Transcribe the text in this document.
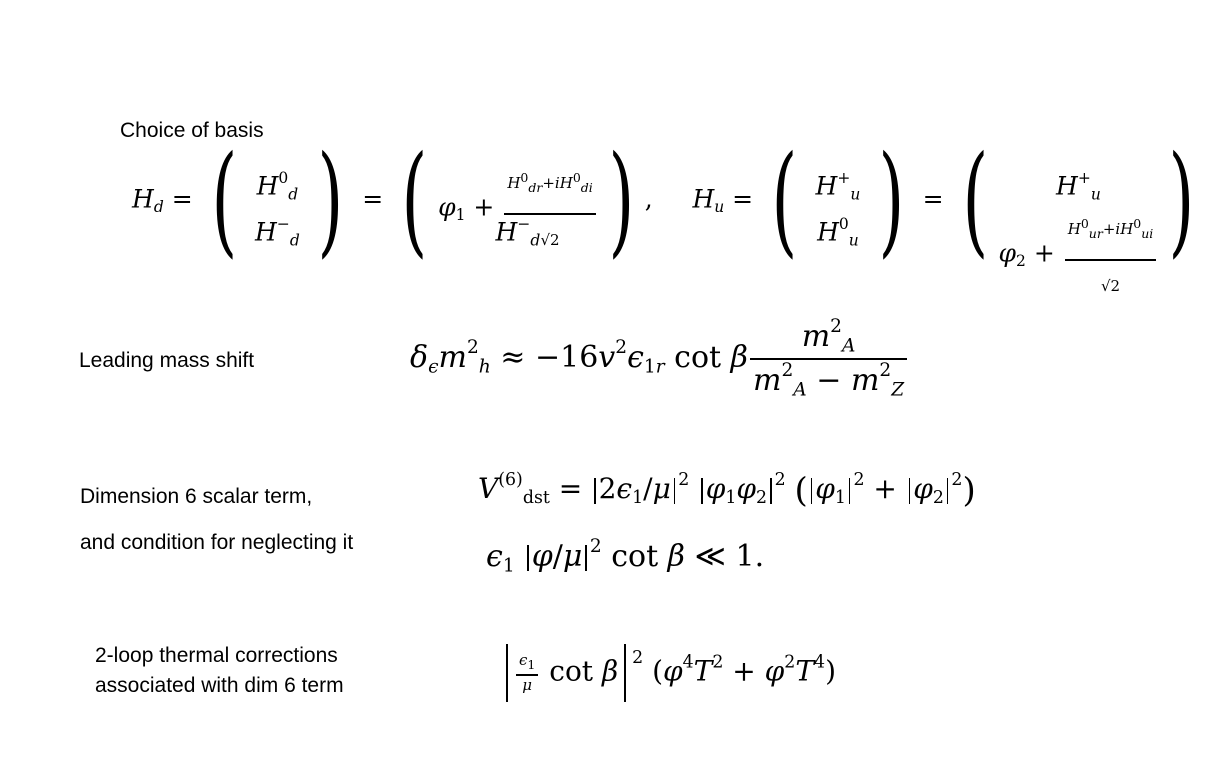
Choice of basis
$H_d$ = ( $H^0_d$
$H^-_d$ ) = ( $\varphi_1 + \frac{H^0_{dr}+iH^0_{di}}{√2}$
$H^-_d$ ) ,     $H_u$ = ( $H^+_u$
$H^0_u$ ) = (	$H^+_u$
$\varphi_2 + \frac{H^0_{ur}+iH^0_{ui}}{√2}$ )
Leading mass shift	$\delta_\epsilon m^2_h \approx -16v^2\epsilon_{1r}$ cot β $\frac{m^2_A}{m^2_A - m^2_Z}$
Dimension 6 scalar term,
and condition for neglecting it
$V^{(6)}_{dst} = 2\epsilon_1/\mu$ $^2$ $\varphi_1\varphi_2^2$ ( $\varphi_1^2 + \varphi_2^2$)
$\epsilon_1$ φ/μ $^2$ cot β ≪ 1.
2-loop thermal corrections
associated with dim 6 term	$\frac{\epsilon_1}{\mu}$ cot β $^2$ $(\varphi^4T^2 + \varphi^2T^4)$
